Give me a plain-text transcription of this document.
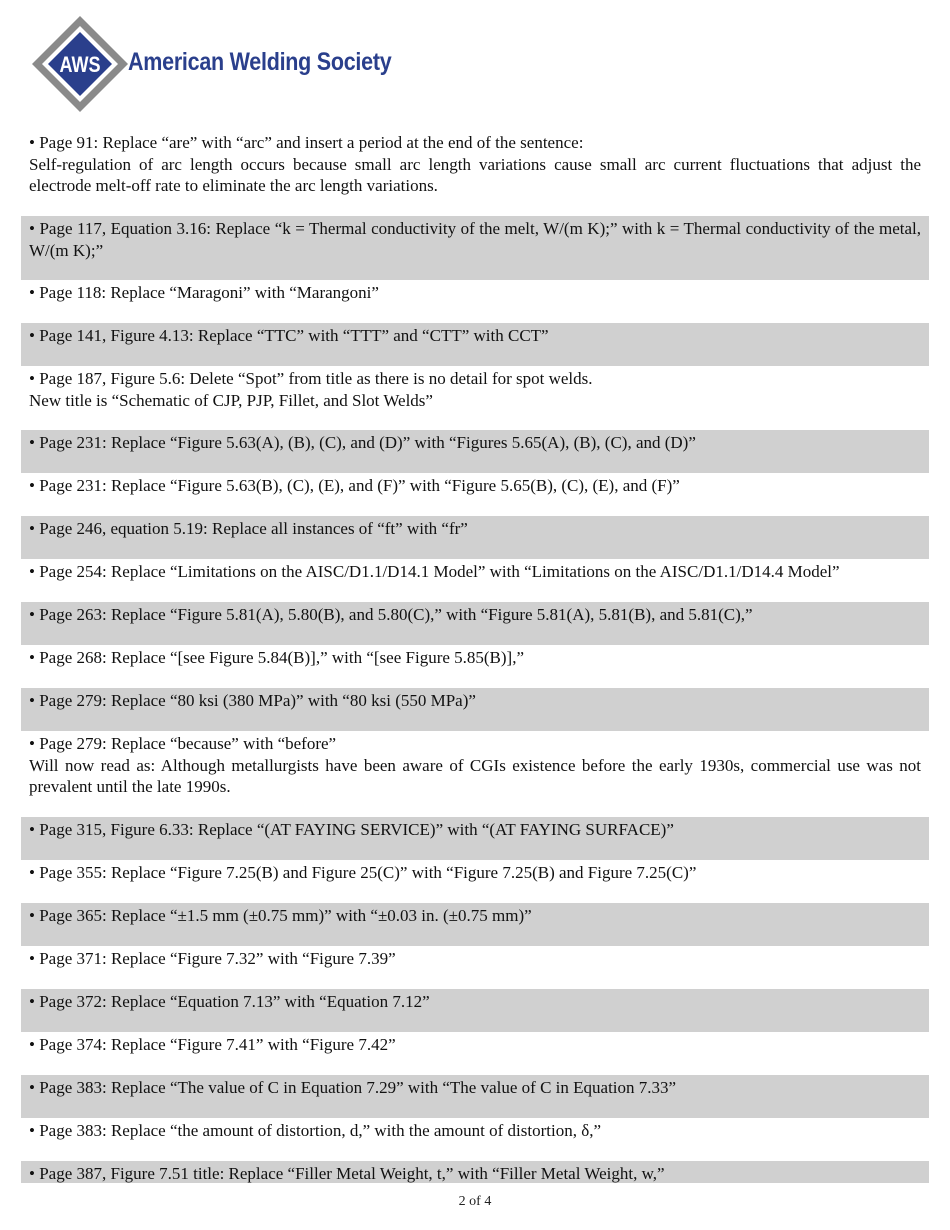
AWS American Welding Society
• Page 91: Replace “are” with “arc” and insert a period at the end of the sentence:
Self-regulation of arc length occurs because small arc length variations cause small arc current fluctuations that adjust the electrode melt-off rate to eliminate the arc length variations.
• Page 117, Equation 3.16: Replace “k = Thermal conductivity of the melt, W/(m K);” with k = Thermal conductivity of the metal, W/(m K);”
• Page 118: Replace “Maragoni” with “Marangoni”
• Page 141, Figure 4.13: Replace “TTC” with “TTT” and “CTT” with CCT”
• Page 187, Figure 5.6: Delete “Spot” from title as there is no detail for spot welds.
New title is “Schematic of CJP, PJP, Fillet, and Slot Welds”
• Page 231: Replace “Figure 5.63(A), (B), (C), and (D)” with “Figures 5.65(A), (B), (C), and (D)”
• Page 231: Replace “Figure 5.63(B), (C), (E), and (F)” with “Figure 5.65(B), (C), (E), and (F)”
• Page 246, equation 5.19: Replace all instances of “ft” with “fr”
• Page 254: Replace “Limitations on the AISC/D1.1/D14.1 Model” with “Limitations on the AISC/D1.1/D14.4 Model”
• Page 263: Replace “Figure 5.81(A), 5.80(B), and 5.80(C),” with “Figure 5.81(A), 5.81(B), and 5.81(C),”
• Page 268: Replace “[see Figure 5.84(B)],” with “[see Figure 5.85(B)],”
• Page 279: Replace “80 ksi (380 MPa)” with “80 ksi (550 MPa)”
• Page 279: Replace “because” with “before”
Will now read as: Although metallurgists have been aware of CGIs existence before the early 1930s, commercial use was not prevalent until the late 1990s.
• Page 315, Figure 6.33: Replace “(AT FAYING SERVICE)” with “(AT FAYING SURFACE)”
• Page 355: Replace “Figure 7.25(B) and Figure 25(C)” with “Figure 7.25(B) and Figure 7.25(C)”
• Page 365: Replace “±1.5 mm (±0.75 mm)” with “±0.03 in. (±0.75 mm)”
• Page 371: Replace “Figure 7.32” with “Figure 7.39”
• Page 372: Replace “Equation 7.13” with “Equation 7.12”
• Page 374: Replace “Figure 7.41” with “Figure 7.42”
• Page 383: Replace “The value of C in Equation 7.29” with “The value of C in Equation 7.33”
• Page 383: Replace “the amount of distortion, d,” with the amount of distortion, δ,”
• Page 387, Figure 7.51 title: Replace “Filler Metal Weight, t,” with “Filler Metal Weight, w,”
2 of 4
